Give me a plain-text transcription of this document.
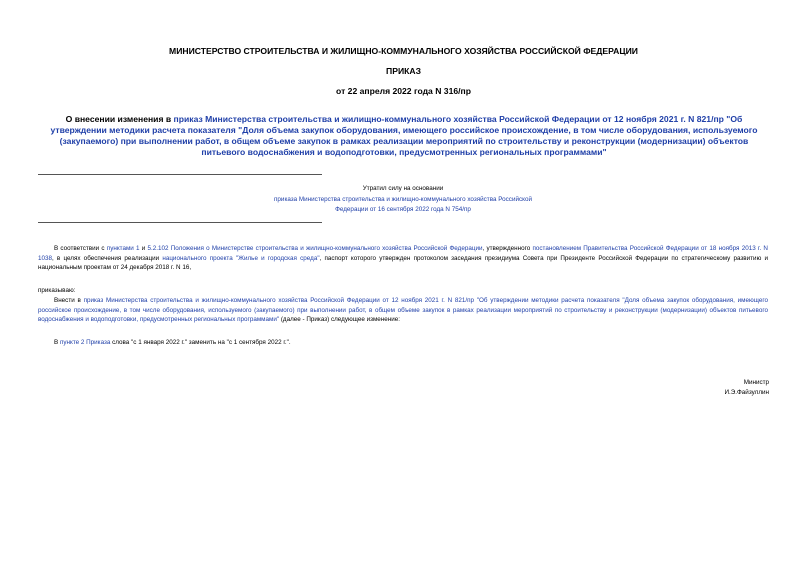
МИНИСТЕРСТВО СТРОИТЕЛЬСТВА И ЖИЛИЩНО-КОММУНАЛЬНОГО ХОЗЯЙСТВА РОССИЙСКОЙ ФЕДЕРАЦИИ
ПРИКАЗ
от 22 апреля 2022 года N 316/пр
О внесении изменения в приказ Министерства строительства и жилищно-коммунального хозяйства Российской Федерации от 12 ноября 2021 г. N 821/пр "Об утверждении методики расчета показателя "Доля объема закупок оборудования, имеющего российское происхождение, в том числе оборудования, используемого (закупаемого) при выполнении работ, в общем объеме закупок в рамках реализации мероприятий по строительству и реконструкции (модернизации) объектов питьевого водоснабжения и водоподготовки, предусмотренных региональных программами"
Утратил силу на основании
приказа Министерства строительства и жилищно-коммунального хозяйства Российской Федерации от 16 сентября 2022 года N 754/пр
В соответствии с пунктами 1 и 5.2.102 Положения о Министерстве строительства и жилищно-коммунального хозяйства Российской Федерации, утвержденного постановлением Правительства Российской Федерации от 18 ноября 2013 г. N 1038, в целях обеспечения реализации национального проекта "Жилье и городская среда", паспорт которого утвержден протоколом заседания президиума Совета при Президенте Российской Федерации по стратегическому развитию и национальным проектам от 24 декабря 2018 г. N 16,
приказываю:
Внести в приказ Министерства строительства и жилищно-коммунального хозяйства Российской Федерации от 12 ноября 2021 г. N 821/пр "Об утверждении методики расчета показателя "Доля объема закупок оборудования, имеющего российское происхождение, в том числе оборудования, используемого (закупаемого) при выполнении работ, в общем объеме закупок в рамках реализации мероприятий по строительству и реконструкции (модернизации) объектов питьевого водоснабжения и водоподготовки, предусмотренных региональных программами" (далее - Приказ) следующее изменение:
В пункте 2 Приказа слова "с 1 января 2022 г." заменить на "с 1 сентября 2022 г.".
Министр
И.Э.Файзуллин
